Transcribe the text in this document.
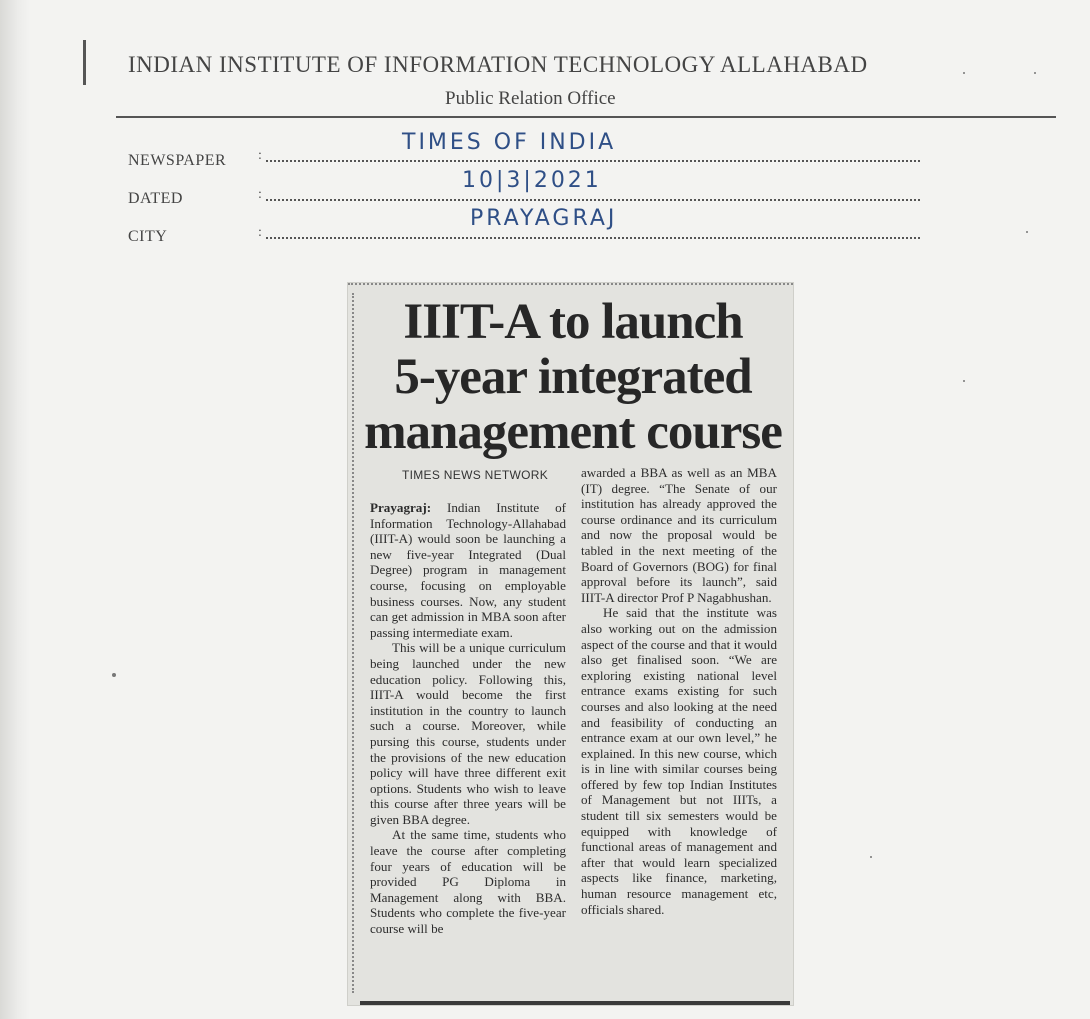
INDIAN INSTITUTE OF INFORMATION TECHNOLOGY ALLAHABAD
Public Relation Office
NEWSPAPER
:
TIMES OF INDIA
DATED
:
10|3|2021
CITY
:
PRAYAGRAJ
IIIT-A to launch
5-year integrated
management course
TIMES NEWS NETWORK

Prayagraj: Indian Institute of Information Technology-Allahabad (IIIT-A) would soon be launching a new five-year Integrated (Dual Degree) program in management course, focusing on employable business courses. Now, any student can get admission in MBA soon after passing intermediate exam.

This will be a unique curriculum being launched under the new education policy. Following this, IIIT-A would become the first institution in the country to launch such a course. Moreover, while pursing this course, students under the provisions of the new education policy will have three different exit options. Students who wish to leave this course after three years will be given BBA degree.

At the same time, students who leave the course after completing four years of education will be provided PG Diploma in Management along with BBA. Students who complete the five-year course will be

awarded a BBA as well as an MBA (IT) degree. “The Senate of our institution has already approved the course ordinance and its curriculum and now the proposal would be tabled in the next meeting of the Board of Governors (BOG) for final approval before its launch”, said IIIT-A director Prof P Nagabhushan.

He said that the institute was also working out on the admission aspect of the course and that it would also get finalised soon. “We are exploring existing national level entrance exams existing for such courses and also looking at the need and feasibility of conducting an entrance exam at our own level,” he explained. In this new course, which is in line with similar courses being offered by few top Indian Institutes of Management but not IIITs, a student till six semesters would be equipped with knowledge of functional areas of management and after that would learn specialized aspects like finance, marketing, human resource management etc, officials shared.
